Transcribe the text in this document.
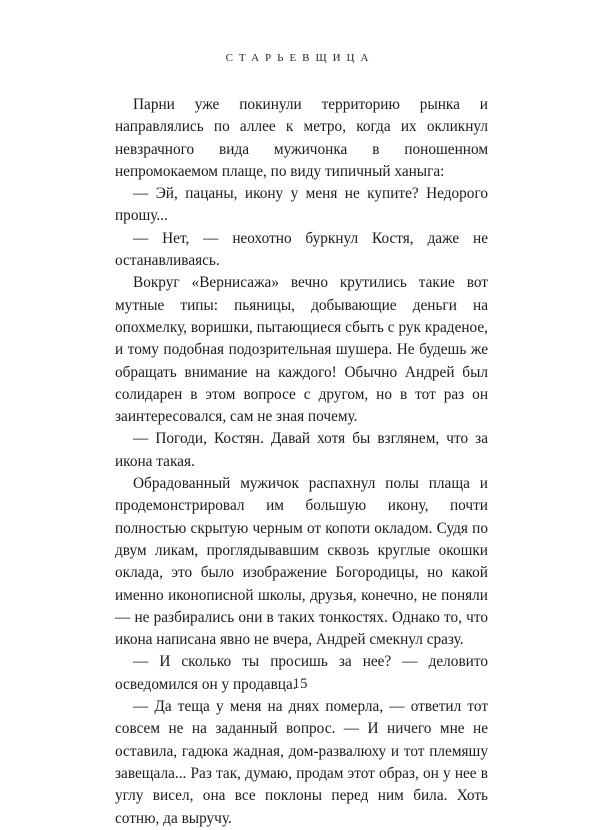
СТАРЬЕВЩИЦА

Парни уже покинули территорию рынка и направлялись по аллее к метро, когда их окликнул невзрачного вида мужичонка в поношенном непромокаемом плаще, по виду типичный ханыга:

— Эй, пацаны, икону у меня не купите? Недорого прошу...

— Нет, — неохотно буркнул Костя, даже не останавливаясь.

Вокруг «Вернисажа» вечно крутились такие вот мутные типы: пьяницы, добывающие деньги на опохмелку, воришки, пытающиеся сбыть с рук краденое, и тому подобная подозрительная шушера. Не будешь же обращать внимание на каждого! Обычно Андрей был солидарен в этом вопросе с другом, но в тот раз он заинтересовался, сам не зная почему.

— Погоди, Костян. Давай хотя бы взглянем, что за икона такая.

Обрадованный мужичок распахнул полы плаща и продемонстрировал им большую икону, почти полностью скрытую черным от копоти окладом. Судя по двум ликам, проглядывавшим сквозь круглые окошки оклада, это было изображение Богородицы, но какой именно иконописной школы, друзья, конечно, не поняли — не разбирались они в таких тонкостях. Однако то, что икона написана явно не вчера, Андрей смекнул сразу.

— И сколько ты просишь за нее? — деловито осведомился он у продавца.

— Да теща у меня на днях померла, — ответил тот совсем не на заданный вопрос. — И ничего мне не оставила, гадюка жадная, дом-развалюху и тот племяшу завещала... Раз так, думаю, продам этот образ, он у нее в углу висел, она все поклоны перед ним била. Хоть сотню, да выручу.

15
